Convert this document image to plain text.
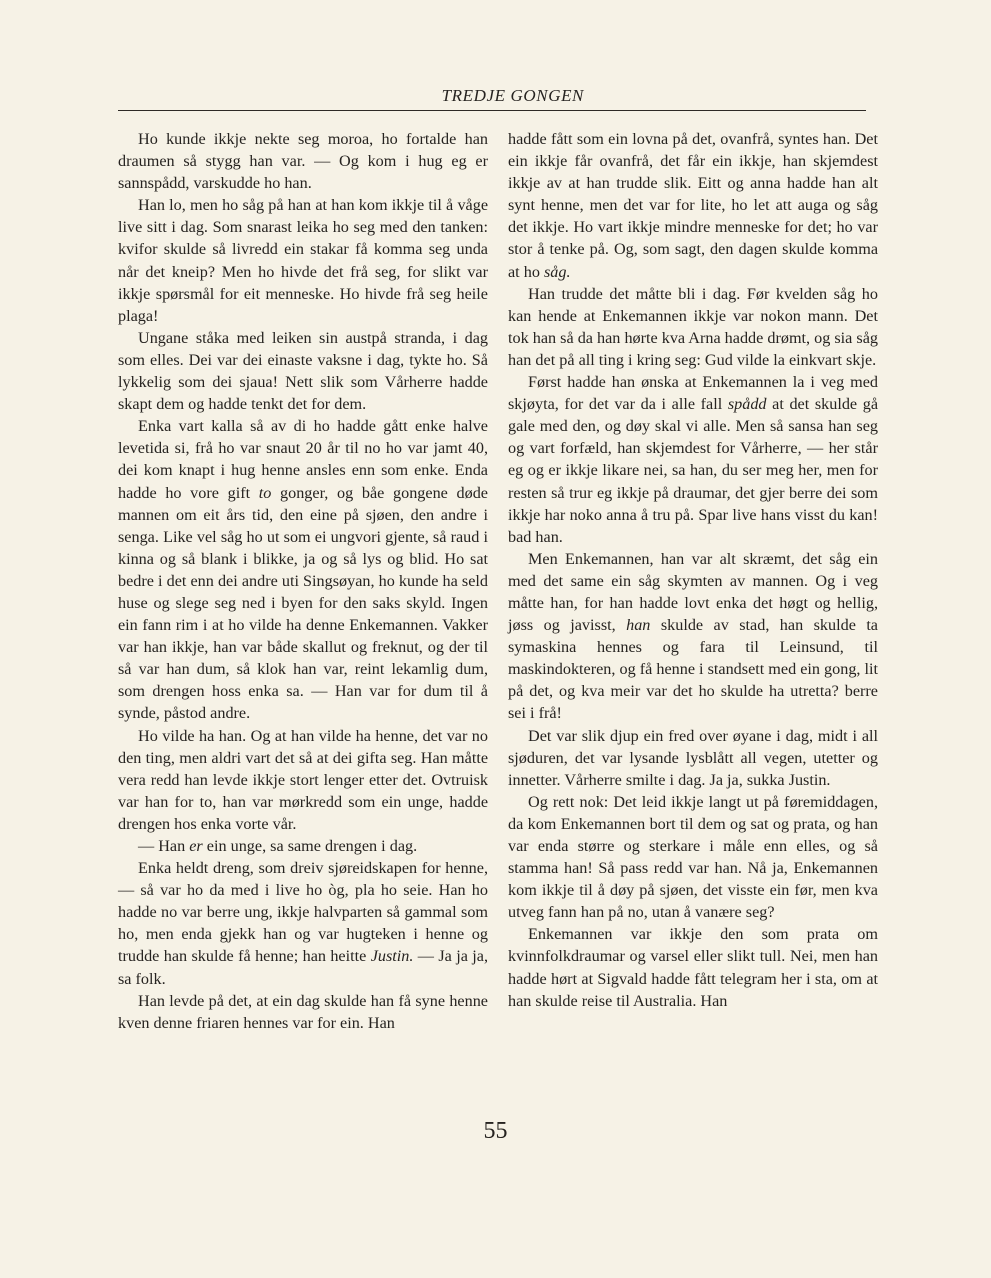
TREDJE GONGEN

Ho kunde ikkje nekte seg moroa, ho fortalde han draumen så stygg han var. — Og kom i hug eg er sannspådd, varskudde ho han.

Han lo, men ho såg på han at han kom ikkje til å våge live sitt i dag. Som snarast leika ho seg med den tanken: kvifor skulde så livredd ein stakar få komma seg unda når det kneip? Men ho hivde det frå seg, for slikt var ikkje spørsmål for eit menneske. Ho hivde frå seg heile plaga!

Ungane ståka med leiken sin austpå stranda, i dag som elles. Dei var dei einaste vaksne i dag, tykte ho. Så lykkelig som dei sjaua! Nett slik som Vårherre hadde skapt dem og hadde tenkt det for dem.

Enka vart kalla så av di ho hadde gått enke halve levetida si, frå ho var snaut 20 år til no ho var jamt 40, dei kom knapt i hug henne ansles enn som enke. Enda hadde ho vore gift to gonger, og båe gongene døde mannen om eit års tid, den eine på sjøen, den andre i senga. Like vel såg ho ut som ei ungvori gjente, så raud i kinna og så blank i blikke, ja og så lys og blid. Ho sat bedre i det enn dei andre uti Singsøyan, ho kunde ha seld huse og slege seg ned i byen for den saks skyld. Ingen ein fann rim i at ho vilde ha denne Enkemannen. Vakker var han ikkje, han var både skallut og freknut, og der til så var han dum, så klok han var, reint lekamlig dum, som drengen hoss enka sa. — Han var for dum til å synde, påstod andre.

Ho vilde ha han. Og at han vilde ha henne, det var no den ting, men aldri vart det så at dei gifta seg. Han måtte vera redd han levde ikkje stort lenger etter det. Ovtruisk var han for to, han var mørkredd som ein unge, hadde drengen hos enka vorte vår.

— Han er ein unge, sa same drengen i dag.

Enka heldt dreng, som dreiv sjøreidskapen for henne, — så var ho da med i live ho òg, pla ho seie. Han ho hadde no var berre ung, ikkje halvparten så gammal som ho, men enda gjekk han og var hugteken i henne og trudde han skulde få henne; han heitte Justin. — Ja ja ja, sa folk.

Han levde på det, at ein dag skulde han få syne henne kven denne friaren hennes var for ein. Han

hadde fått som ein lovna på det, ovanfrå, syntes han. Det ein ikkje får ovanfrå, det får ein ikkje, han skjemdest ikkje av at han trudde slik. Eitt og anna hadde han alt synt henne, men det var for lite, ho let att auga og såg det ikkje. Ho vart ikkje mindre menneske for det; ho var stor å tenke på. Og, som sagt, den dagen skulde komma at ho såg.

Han trudde det måtte bli i dag. Før kvelden såg ho kan hende at Enkemannen ikkje var nokon mann. Det tok han så da han hørte kva Arna hadde drømt, og sia såg han det på all ting i kring seg: Gud vilde la einkvart skje.

Først hadde han ønska at Enkemannen la i veg med skjøyta, for det var da i alle fall spådd at det skulde gå gale med den, og døy skal vi alle. Men så sansa han seg og vart forfæld, han skjemdest for Vårherre, — her står eg og er ikkje likare nei, sa han, du ser meg her, men for resten så trur eg ikkje på draumar, det gjer berre dei som ikkje har noko anna å tru på. Spar live hans visst du kan! bad han.

Men Enkemannen, han var alt skræmt, det såg ein med det same ein såg skymten av mannen. Og i veg måtte han, for han hadde lovt enka det høgt og hellig, jøss og javisst, han skulde av stad, han skulde ta symaskina hennes og fara til Leinsund, til maskindokteren, og få henne i standsett med ein gong, lit på det, og kva meir var det ho skulde ha utretta? berre sei i frå!

Det var slik djup ein fred over øyane i dag, midt i all sjøduren, det var lysande lysblått all vegen, utetter og innetter. Vårherre smilte i dag. Ja ja, sukka Justin.

Og rett nok: Det leid ikkje langt ut på føremiddagen, da kom Enkemannen bort til dem og sat og prata, og han var enda større og sterkare i måle enn elles, og så stamma han! Så pass redd var han. Nå ja, Enkemannen kom ikkje til å døy på sjøen, det visste ein før, men kva utveg fann han på no, utan å vanære seg?

Enkemannen var ikkje den som prata om kvinnfolkdraumar og varsel eller slikt tull. Nei, men han hadde hørt at Sigvald hadde fått telegram her i sta, om at han skulde reise til Australia. Han

55
